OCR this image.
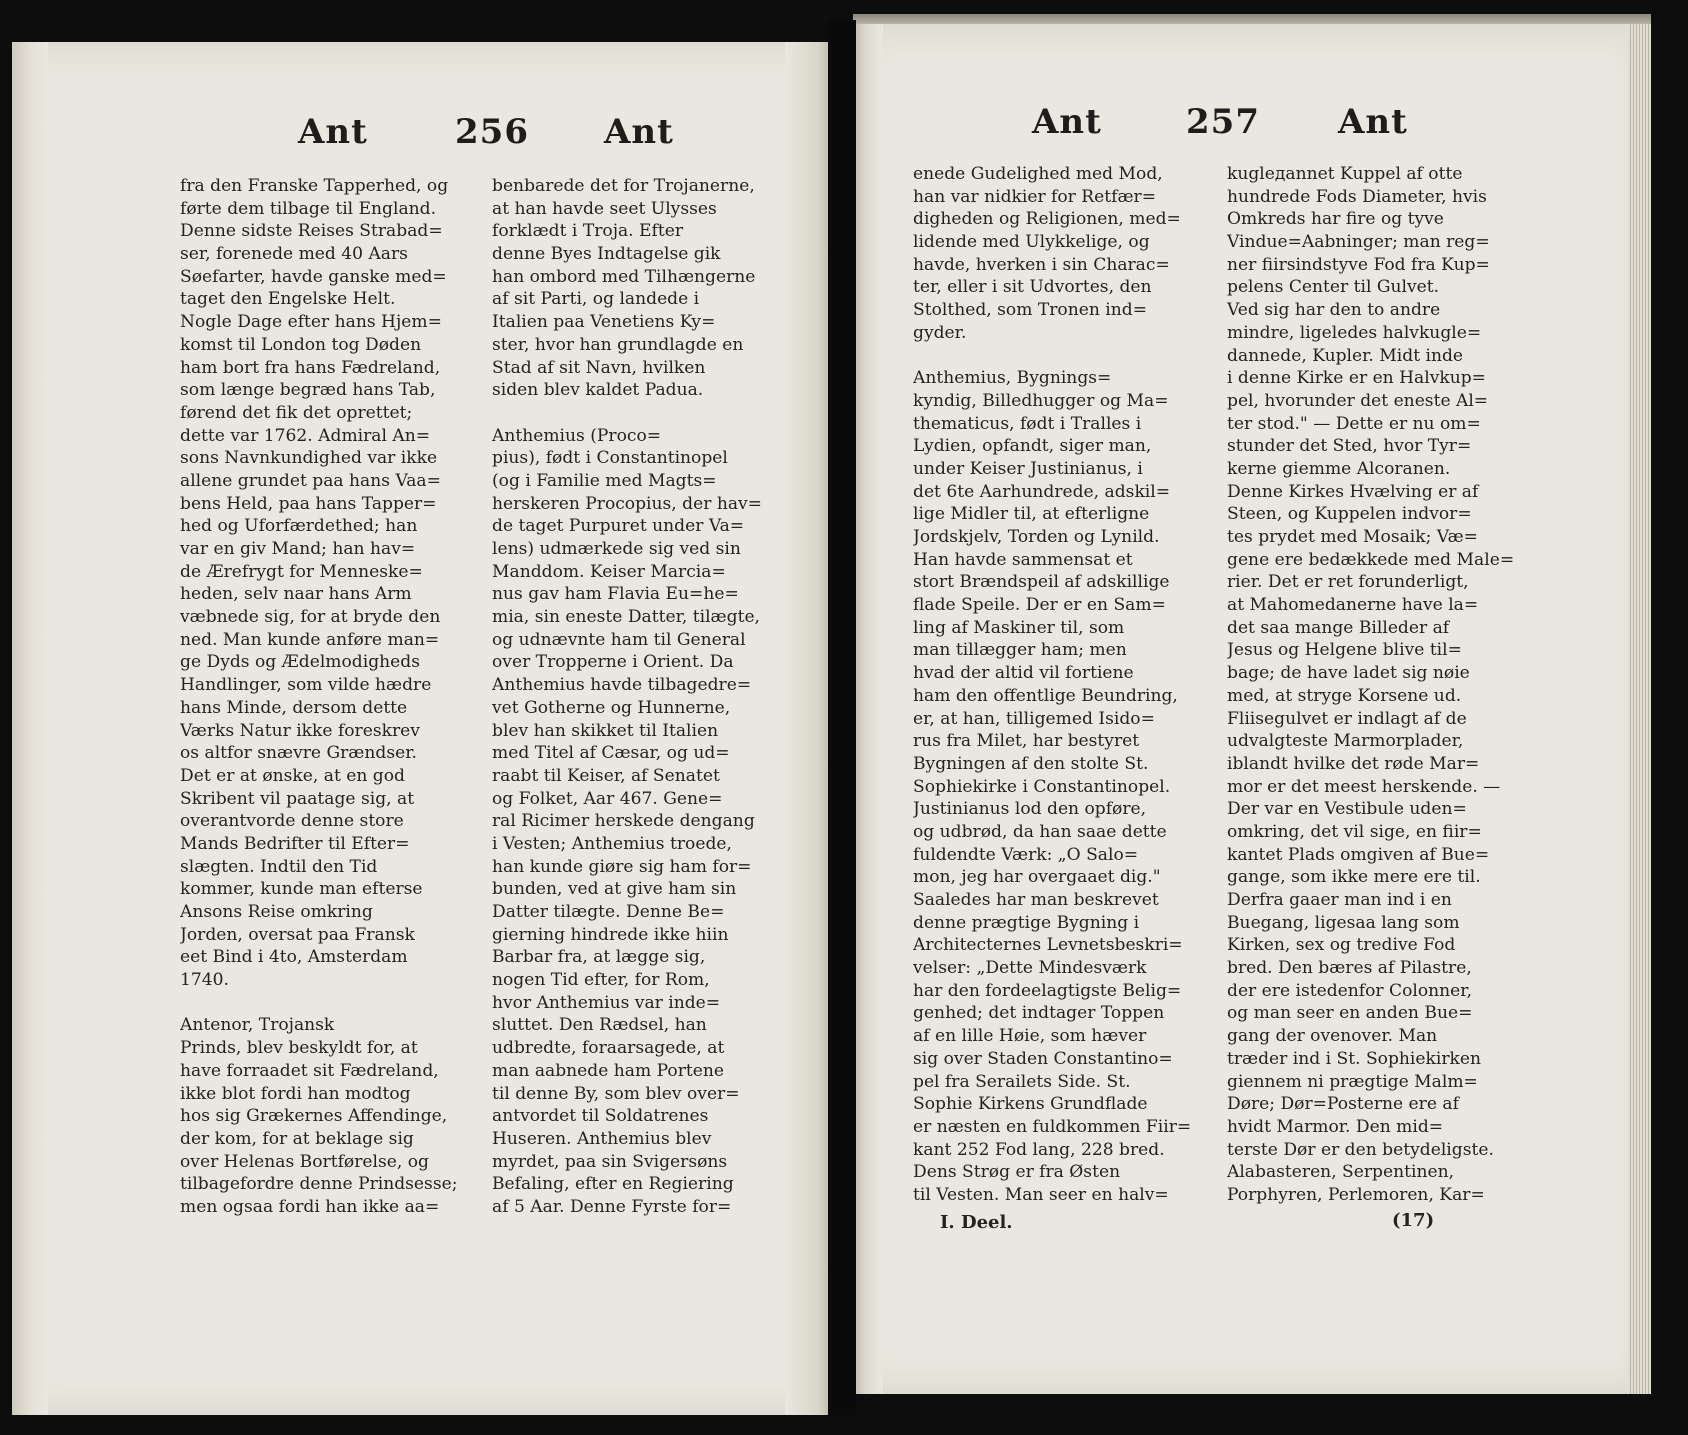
Ant	256 Ant	Ant 257 Ant
fra den Franske Tapperhed, og
førte dem tilbage til England.
Denne sidste Reises Strabad=
ser, forenede med 40 Aars
Søefarter, havde ganske med=
taget den Engelske Helt.
Nogle Dage efter hans Hjem=
komst til London tog Døden
ham bort fra hans Fædreland,
som længe begræd hans Tab,
førend det fik det oprettet;
dette var 1762. Admiral An=
sons Navnkundighed var ikke
allene grundet paa hans Vaa=
bens Held, paa hans Tapper=
hed og Uforfærdethed; han
var en giv Mand; han hav=
de Ærefrygt for Menneske=
heden, selv naar hans Arm
væbnede sig, for at bryde den
ned. Man kunde anføre man=
ge Dyds og Ædelmodigheds
Handlinger, som vilde hædre
hans Minde, dersom dette
Værks Natur ikke foreskrev
os altfor snævre Grændser.
Det er at ønske, at en god
Skribent vil paatage sig, at
overantvorde denne store
Mands Bedrifter til Efter=
slægten. Indtil den Tid
kommer, kunde man efterse
Ansons Reise omkring
Jorden, oversat paa Fransk
eet Bind i 4to, Amsterdam
1740.
Antenor, Trojansk
Prinds, blev beskyldt for, at
have forraadet sit Fædreland,
ikke blot fordi han modtog
hos sig Grækernes Affendinge,
der kom, for at beklage sig
over Helenas Bortførelse, og
tilbagefordre denne Prindsesse;
men ogsaa fordi han ikke aa=
benbarede det for Trojanerne,
at han havde seet Ulysses
forklædt i Troja. Efter
denne Byes Indtagelse gik
han ombord med Tilhængerne
af sit Parti, og landede i
Italien paa Venetiens Ky=
ster, hvor han grundlagde en
Stad af sit Navn, hvilken
siden blev kaldet Padua.
Anthemius (Proco=
pius), født i Constantinopel
(og i Familie med Magts=
herskeren Procopius, der hav=
de taget Purpuret under Va=
lens) udmærkede sig ved sin
Manddom. Keiser Marcia=
nus gav ham Flavia Eu=he=
mia, sin eneste Datter, tilægte,
og udnævnte ham til General
over Tropperne i Orient. Da
Anthemius havde tilbagedre=
vet Gotherne og Hunnerne,
blev han skikket til Italien
med Titel af Cæsar, og ud=
raabt til Keiser, af Senatet
og Folket, Aar 467. Gene=
ral Ricimer herskede dengang
i Vesten; Anthemius troede,
han kunde giøre sig ham for=
bunden, ved at give ham sin
Datter tilægte. Denne Be=
gierning hindrede ikke hiin
Barbar fra, at lægge sig,
nogen Tid efter, for Rom,
hvor Anthemius var inde=
sluttet. Den Rædsel, han
udbredte, foraarsagede, at
man aabnede ham Portene
til denne By, som blev over=
antvordet til Soldatrenes
Huseren. Anthemius blev
myrdet, paa sin Svigersøns
Befaling, efter en Regiering
af 5 Aar. Denne Fyrste for=
enede Gudelighed med Mod,
han var nidkier for Retfær=
digheden og Religionen, med=
lidende med Ulykkelige, og
havde, hverken i sin Charac=
ter, eller i sit Udvortes, den
Stolthed, som Tronen ind=
gyder.
Anthemius, Bygnings=
kyndig, Billedhugger og Ma=
thematicus, født i Tralles i
Lydien, opfandt, siger man,
under Keiser Justinianus, i
det 6te Aarhundrede, adskil=
lige Midler til, at efterligne
Jordskjelv, Torden og Lynild.
Han havde sammensat et
stort Brændspeil af adskillige
flade Speile. Der er en Sam=
ling af Maskiner til, som
man tillægger ham; men
hvad der altid vil fortiene
ham den offentlige Beundring,
er, at han, tilligemed Isido=
rus fra Milet, har bestyret
Bygningen af den stolte St.
Sophiekirke i Constantinopel.
Justinianus lod den opføre,
og udbrød, da han saae dette
fuldendte Værk: „O Salo=
mon, jeg har overgaaet dig."
Saaledes har man beskrevet
denne prægtige Bygning i
Architecternes Levnetsbeskri=
velser: „Dette Mindesværk
har den fordeelagtigste Belig=
genhed; det indtager Toppen
af en lille Høie, som hæver
sig over Staden Constantino=
pel fra Serailets Side. St.
Sophie Kirkens Grundflade
er næsten en fuldkommen Fiir=
kant 252 Fod lang, 228 bred.
Dens Strøg er fra Østen
til Vesten. Man seer en halv=
kuglедannet Kuppel af otte
hundrede Fods Diameter, hvis
Omkreds har fire og tyve
Vindue=Aabninger; man reg=
ner fiirsindstyve Fod fra Kup=
pelens Center til Gulvet.
Ved sig har den to andre
mindre, ligeledes halvkugle=
dannede, Kupler. Midt inde
i denne Kirke er en Halvkup=
pel, hvorunder det eneste Al=
ter stod." — Dette er nu om=
stunder det Sted, hvor Tyr=
kerne giemme Alcoranen.
Denne Kirkes Hvælving er af
Steen, og Kuppelen indvor=
tes prydet med Mosaik; Væ=
gene ere bedækkede med Male=
rier. Det er ret forunderligt,
at Mahomedanerne have la=
det saa mange Billeder af
Jesus og Helgene blive til=
bage; de have ladet sig nøie
med, at stryge Korsene ud.
Fliisegulvet er indlagt af de
udvalgteste Marmorplader,
iblandt hvilke det røde Mar=
mor er det meest herskende. —
Der var en Vestibule uden=
omkring, det vil sige, en fiir=
kantet Plads omgiven af Bue=
gange, som ikke mere ere til.
Derfra gaaer man ind i en
Buegang, ligesaa lang som
Kirken, sex og tredive Fod
bred. Den bæres af Pilastre,
der ere istedenfor Colonner,
og man seer en anden Bue=
gang der ovenover. Man
træder ind i St. Sophiekirken
giennem ni prægtige Malm=
Døre; Dør=Posterne ere af
hvidt Marmor. Den mid=
terste Dør er den betydeligste.
Alabasteren, Serpentinen,
Porphyren, Perlemoren, Kar=
I. Deel.	(17)
